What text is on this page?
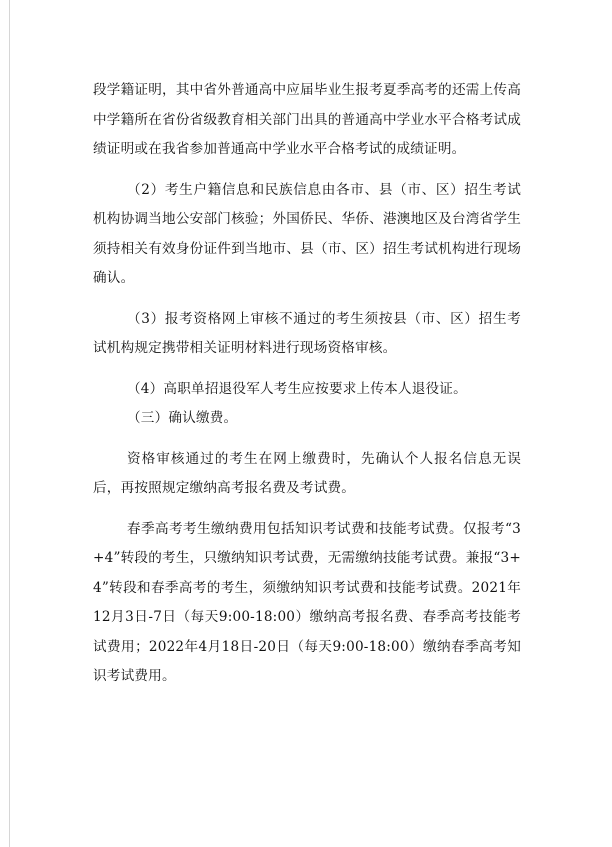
段学籍证明，其中省外普通高中应届毕业生报考夏季高考的还需上传高中学籍所在省份省级教育相关部门出具的普通高中学业水平合格考试成绩证明或在我省参加普通高中学业水平合格考试的成绩证明。

（2）考生户籍信息和民族信息由各市、县（市、区）招生考试机构协调当地公安部门核验；外国侨民、华侨、港澳地区及台湾省学生须持相关有效身份证件到当地市、县（市、区）招生考试机构进行现场确认。

（3）报考资格网上审核不通过的考生须按县（市、区）招生考试机构规定携带相关证明材料进行现场资格审核。

（4）高职单招退役军人考生应按要求上传本人退役证。

（三）确认缴费。

资格审核通过的考生在网上缴费时，先确认个人报名信息无误后，再按照规定缴纳高考报名费及考试费。

春季高考考生缴纳费用包括知识考试费和技能考试费。仅报考“3+4”转段的考生，只缴纳知识考试费，无需缴纳技能考试费。兼报“3+4”转段和春季高考的考生，须缴纳知识考试费和技能考试费。2021年12月3日-7日（每天9:00-18:00）缴纳高考报名费、春季高考技能考试费用；2022年4月18日-20日（每天9:00-18:00）缴纳春季高考知识考试费用。
